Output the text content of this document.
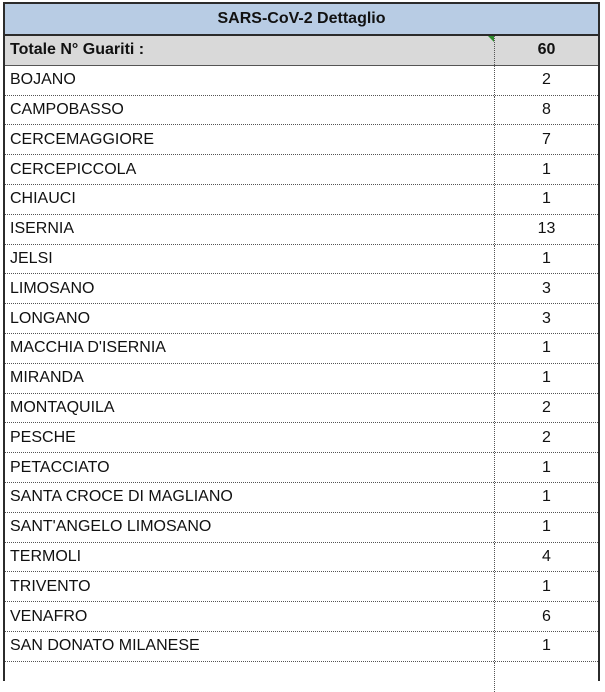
SARS-CoV-2 Dettaglio
Totale N° Guariti :	60
BOJANO	2
CAMPOBASSO	8
CERCEMAGGIORE	7
CERCEPICCOLA	1
CHIAUCI	1
ISERNIA	13
JELSI	1
LIMOSANO	3
LONGANO	3
MACCHIA D'ISERNIA	1
MIRANDA	1
MONTAQUILA	2
PESCHE	2
PETACCIATO	1
SANTA CROCE DI MAGLIANO	1
SANT'ANGELO LIMOSANO	1
TERMOLI	4
TRIVENTO	1
VENAFRO	6
SAN DONATO MILANESE	1
